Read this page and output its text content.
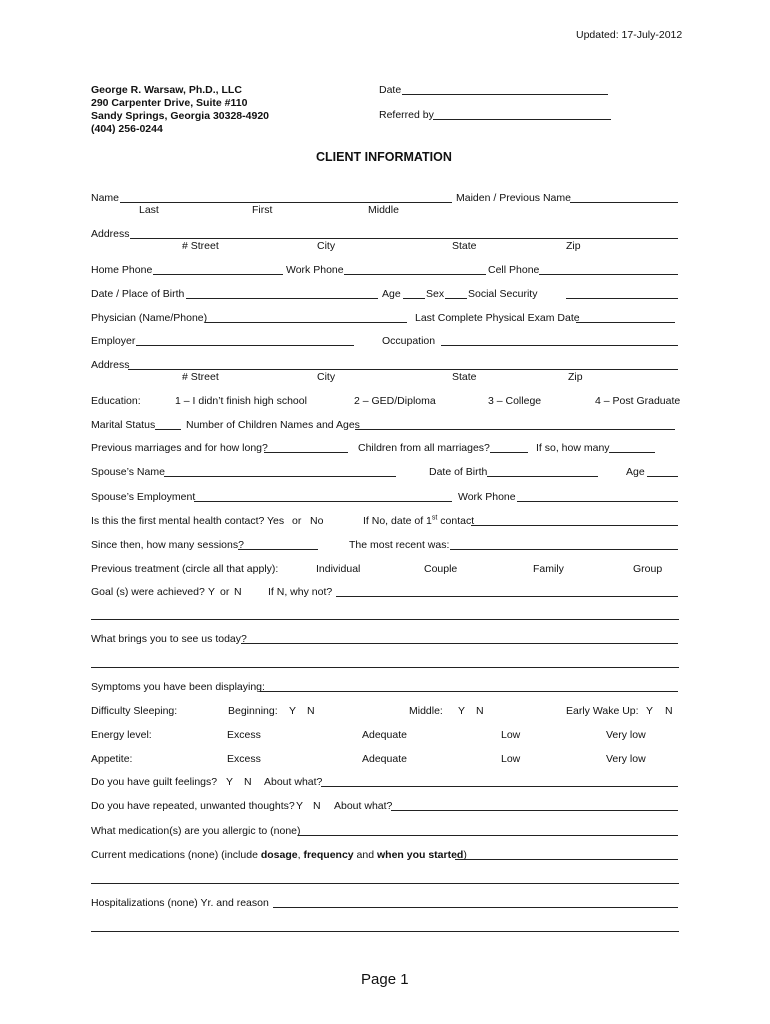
Updated: 17-July-2012
George R. Warsaw, Ph.D., LLC
290 Carpenter Drive, Suite #110
Sandy Springs, Georgia 30328-4920
(404) 256-0244
Date
Referred by
CLIENT INFORMATION
Name	Maiden / Previous Name
Last	First	Middle
Address
# Street	City	State	Zip
Home Phone	Work Phone	Cell Phone
Date / Place of Birth	Age Sex Social Security
Physician (Name/Phone)	Last Complete Physical Exam Date
Employer	Occupation
Address
# Street	City	State	Zip
Education:	1 – I didn’t finish high school	2 – GED/Diploma	3 – College	4 – Post Graduate
Marital Status	Number of Children Names and Ages
Previous marriages and for how long?	Children from all marriages?	If so, how many
Spouse’s Name	Date of Birth	Age
Spouse’s Employment	Work Phone
Is this the first mental health contact? Yes or No	If No, date of 1st contact
Since then, how many sessions?	The most recent was:
Previous treatment (circle all that apply):	Individual	Couple	Family	Group
Goal (s) were achieved? Y or N	If N, why not?
What brings you to see us today?
Symptoms you have been displaying:
Difficulty Sleeping:	Beginning: Y N	Middle: Y N	Early Wake Up: Y N
Energy level:	Excess	Adequate	Low	Very low
Appetite:	Excess	Adequate	Low	Very low
Do you have guilt feelings? Y N About what?
Do you have repeated, unwanted thoughts? Y N About what?
What medication(s) are you allergic to (none)
Current medications (none) (include dosage, frequency and when you started)
Hospitalizations (none) Yr. and reason
Page 1
